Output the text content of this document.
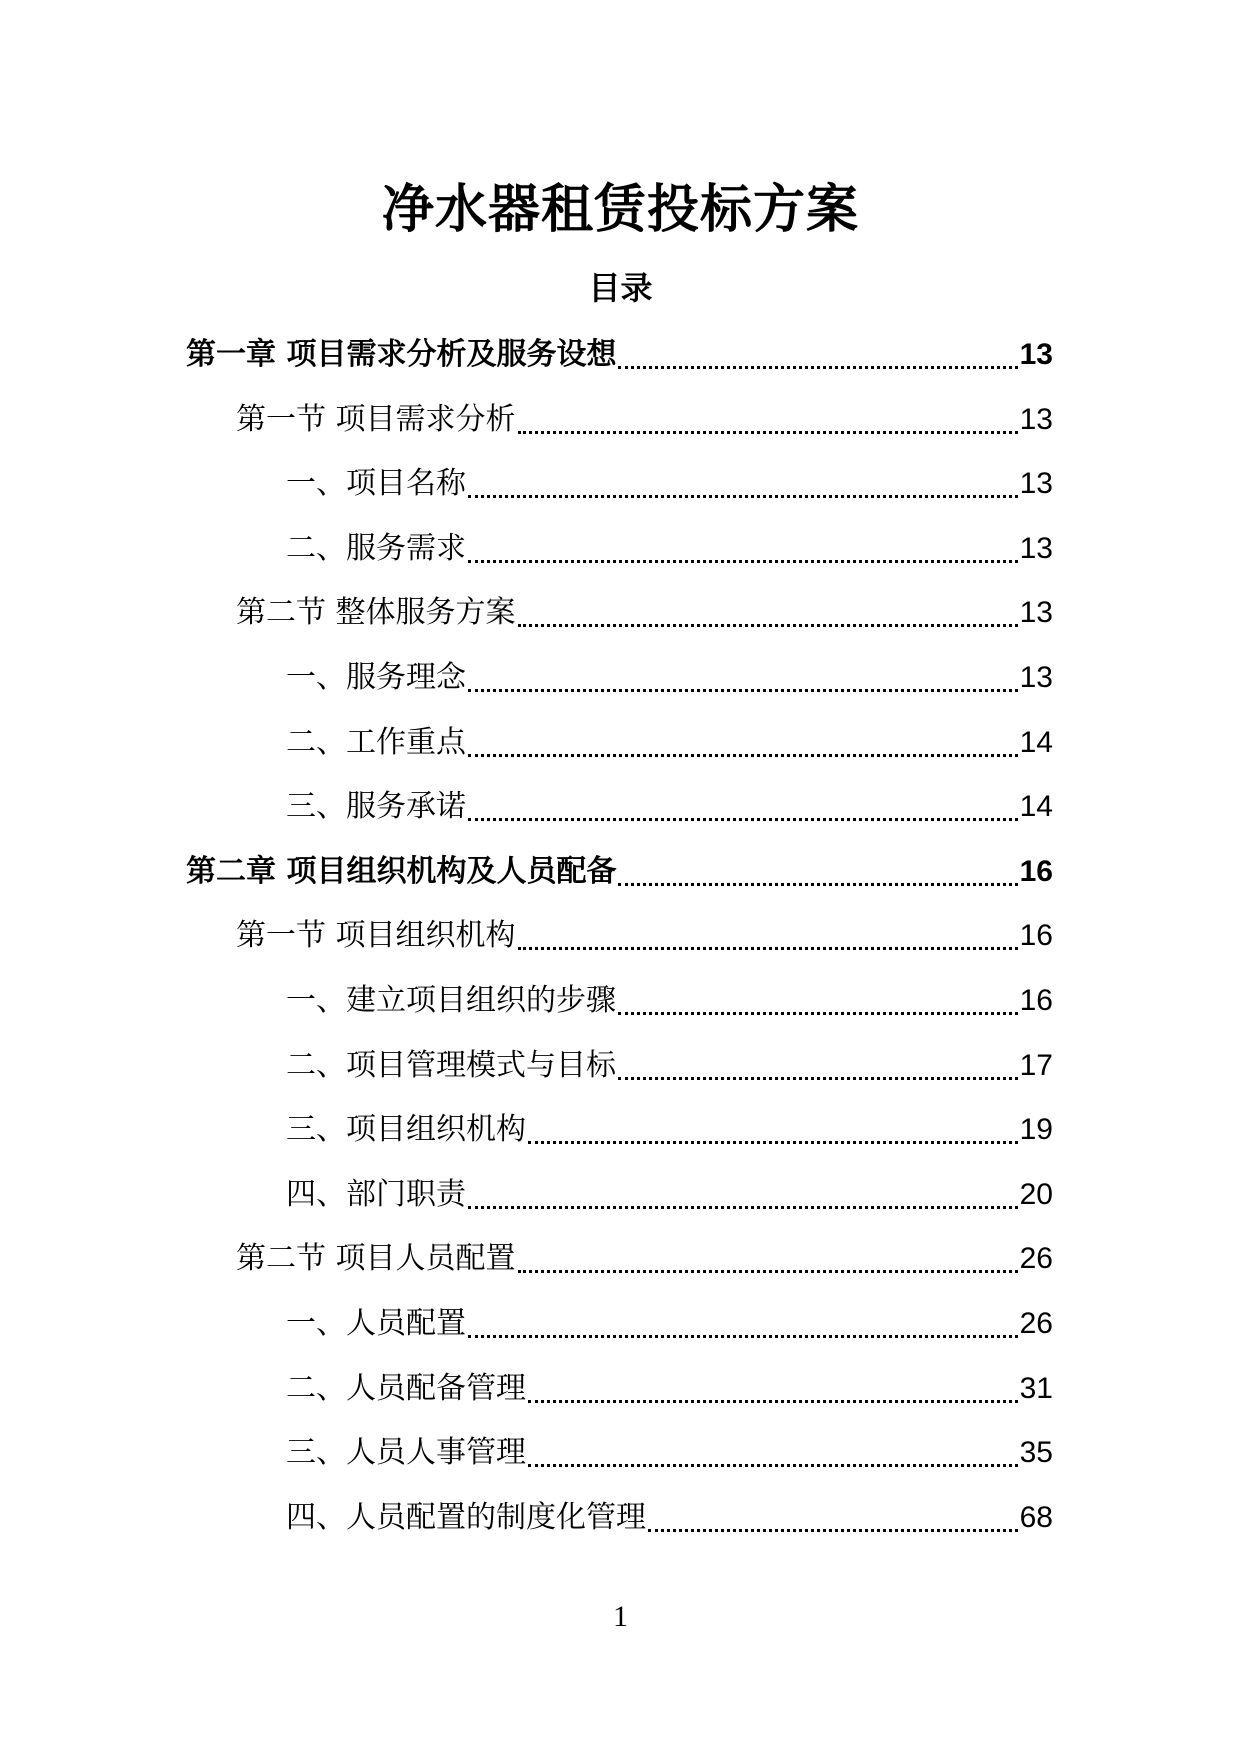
净水器租赁投标方案
目录
第一章 项目需求分析及服务设想	13
第一节 项目需求分析	13
一、项目名称	13
二、服务需求	13
第二节 整体服务方案	13
一、服务理念	13
二、工作重点	14
三、服务承诺	14
第二章 项目组织机构及人员配备	16
第一节 项目组织机构	16
一、建立项目组织的步骤	16
二、项目管理模式与目标	17
三、项目组织机构	19
四、部门职责	20
第二节 项目人员配置	26
一、人员配置	26
二、人员配备管理	31
三、人员人事管理	35
四、人员配置的制度化管理	68
1
